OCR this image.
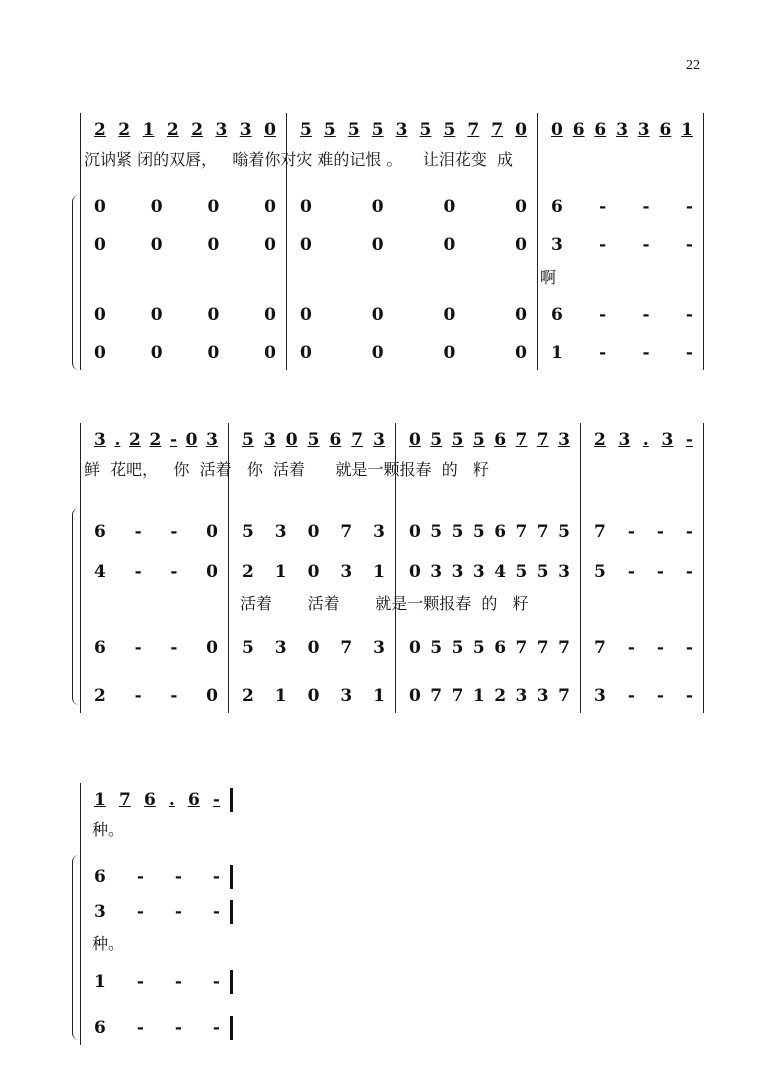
22
2 2 1 2 2 3 3 0 5 5 5 5 3 5 5 7 7 0 0 6 6 3 3 6 1
沉讷紧 闭的双唇，   嗡着你对灾 难的记恨 。    让泪花变  成
0	0	0	0 0	0	0	0 6 - - -
0	0	0	0 0	0	0	0 3 - - -
啊
0	0	0	0 0	0	0	0 6 - - -
0	0	0	0 0	0	0	0 1 - - -
3 . 2 2 - 0 3 5 3 0 5 6 7 3 0 5 5 5 6 7 7 3 2 3 . 3 -
鲜  花吧，   你  活着   你  活着      就是一颗报春  的   籽
6 - - 0 5 3 0 7 3 0 5 5 5 6 7 7 5 7 - - -
4 - - 0 2 1 0 3 1 0 3 3 3 4 5 5 3 5 - - -
活着       活着       就是一颗报春  的   籽
6 - - 0 5 3 0 7 3 0 5 5 5 6 7 7 7 7 - - -
2 - - 0 2 1 0 3 1 0 7 7 1 2 3 3 7 3 - - -
1 7 6 . 6 -
种。
6 - - -
3 - - -
种。
1 - - -
6 - - -
